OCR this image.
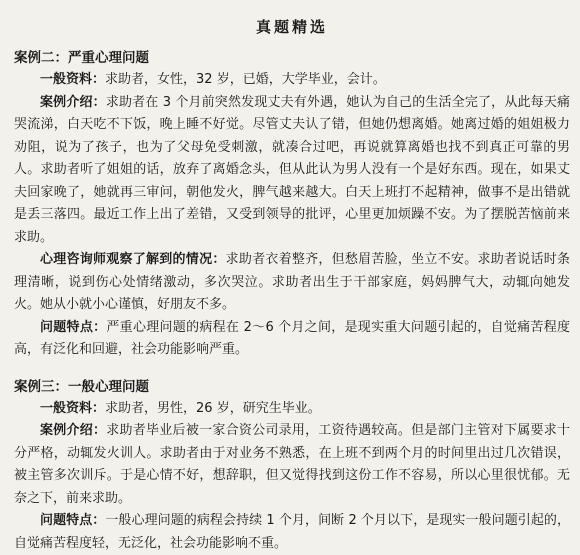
真题精选
案例二：严重心理问题

一般资料：求助者，女性，32 岁，已婚，大学毕业，会计。

案例介绍：求助者在 3 个月前突然发现丈夫有外遇，她认为自己的生活全完了，从此每天痛哭流涕，白天吃不下饭，晚上睡不好觉。尽管丈夫认了错，但她仍想离婚。她离过婚的姐姐极力劝阻，说为了孩子，也为了父母免受刺激，就凑合过吧，再说就算离婚也找不到真正可靠的男人。求助者听了姐姐的话，放弃了离婚念头，但从此认为男人没有一个是好东西。现在，如果丈夫回家晚了，她就再三审问，朝他发火，脾气越来越大。白天上班打不起精神，做事不是出错就是丢三落四。最近工作上出了差错，又受到领导的批评，心里更加烦躁不安。为了摆脱苦恼前来求助。

心理咨询师观察了解到的情况：求助者衣着整齐，但愁眉苦脸，坐立不安。求助者说话时条理清晰，说到伤心处情绪激动，多次哭泣。求助者出生于干部家庭，妈妈脾气大，动辄向她发火。她从小就小心谨慎，好朋友不多。

问题特点：严重心理问题的病程在 2～6 个月之间，是现实重大问题引起的，自觉痛苦程度高，有泛化和回避，社会功能影响严重。

案例三：一般心理问题

一般资料：求助者，男性，26 岁，研究生毕业。

案例介绍：求助者毕业后被一家合资公司录用，工资待遇较高。但是部门主管对下属要求十分严格，动辄发火训人。求助者由于对业务不熟悉，在上班不到两个月的时间里出过几次错误，被主管多次训斥。于是心情不好，想辞职，但又觉得找到这份工作不容易，所以心里很忧郁。无奈之下，前来求助。

问题特点：一般心理问题的病程会持续 1 个月，间断 2 个月以下，是现实一般问题引起的，自觉痛苦程度轻，无泛化，社会功能影响不重。
